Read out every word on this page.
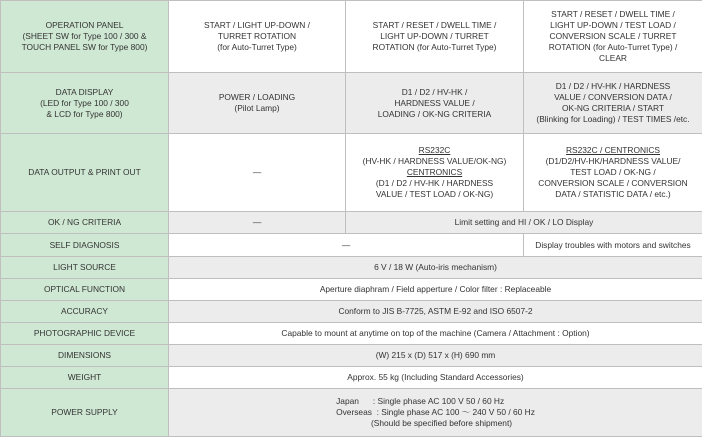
OPERATION PANEL
(SHEET SW for Type 100 / 300 &
TOUCH PANEL SW for Type 800)	START / LIGHT UP-DOWN /
TURRET ROTATION
(for Auto-Turret Type)	START / RESET / DWELL TIME /
LIGHT UP-DOWN / TURRET
ROTATION (for Auto-Turret Type)	START / RESET / DWELL TIME /
LIGHT UP-DOWN / TEST LOAD /
CONVERSION SCALE / TURRET
ROTATION (for Auto-Turret Type) /
CLEAR

DATA DISPLAY
(LED for Type 100 / 300
& LCD for Type 800)	POWER / LOADING
(Pilot Lamp)	D1 / D2 / HV-HK /
HARDNESS VALUE /
LOADING / OK-NG CRITERIA	D1 / D2 / HV-HK / HARDNESS
VALUE / CONVERSION DATA /
OK-NG CRITERIA / START
(Blinking for Loading) / TEST TIMES /etc.

DATA OUTPUT & PRINT OUT	—	RS232C
(HV-HK / HARDNESS VALUE/OK-NG)
CENTRONICS
(D1 / D2 / HV-HK / HARDNESS
VALUE / TEST LOAD / OK-NG)	RS232C / CENTRONICS
(D1/D2/HV-HK/HARDNESS VALUE/
TEST LOAD / OK-NG /
CONVERSION SCALE / CONVERSION
DATA / STATISTIC DATA / etc.)

OK / NG CRITERIA	—	Limit setting and HI / OK / LO Display	
SELF DIAGNOSIS	—		Display troubles with motors and switches
LIGHT SOURCE	6 V / 18 W (Auto-iris mechanism)		
OPTICAL FUNCTION	Aperture diaphram / Field apperture / Color filter : Replaceable		
ACCURACY	Conform to JIS B-7725, ASTM E-92 and ISO 6507-2		
PHOTOGRAPHIC DEVICE	Capable to mount at anytime on top of the machine (Camera / Attachment : Option)		
DIMENSIONS	(W) 215 x (D) 517 x (H) 690 mm		
WEIGHT	Approx. 55 kg (Including Standard Accessories)		
POWER SUPPLY	Japan      : Single phase AC 100 V 50 / 60 Hz
Overseas  : Single phase AC 100 ～ 240 V 50 / 60 Hz
(Should be specified before shipment)		
